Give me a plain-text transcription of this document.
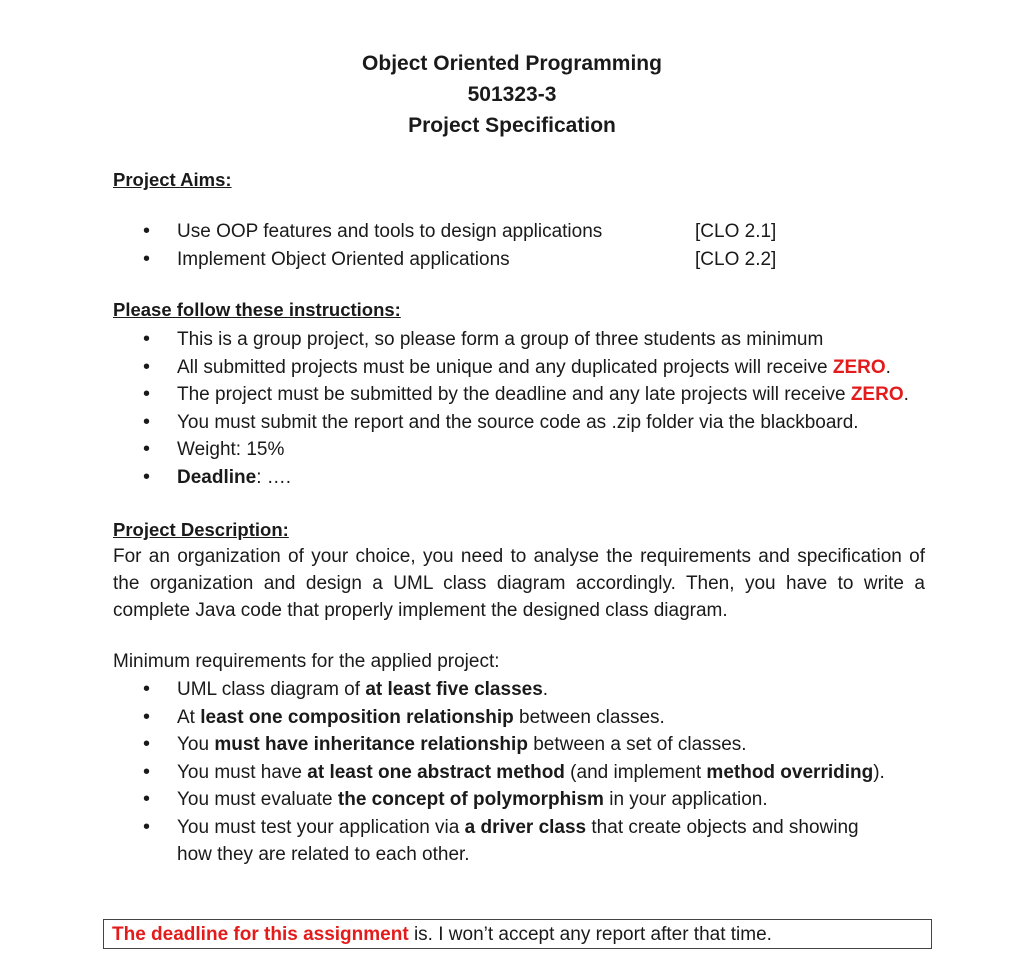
Object Oriented Programming
501323-3
Project Specification
Project Aims:
• Use OOP features and tools to design applications	[CLO 2.1]
• Implement Object Oriented applications	[CLO 2.2]
Please follow these instructions:
• This is a group project, so please form a group of three students as minimum
• All submitted projects must be unique and any duplicated projects will receive ZERO.
• The project must be submitted by the deadline and any late projects will receive ZERO.
• You must submit the report and the source code as .zip folder via the blackboard.
• Weight: 15%
• Deadline: ….
Project Description:
For an organization of your choice, you need to analyse the requirements and specification of the organization and design a UML class diagram accordingly. Then, you have to write a complete Java code that properly implement the designed class diagram.
Minimum requirements for the applied project:
• UML class diagram of at least five classes.
• At least one composition relationship between classes.
• You must have inheritance relationship between a set of classes.
• You must have at least one abstract method (and implement method overriding).
• You must evaluate the concept of polymorphism in your application.
• You must test your application via a driver class that create objects and showing how they are related to each other.
The deadline for this assignment is. I won’t accept any report after that time.
